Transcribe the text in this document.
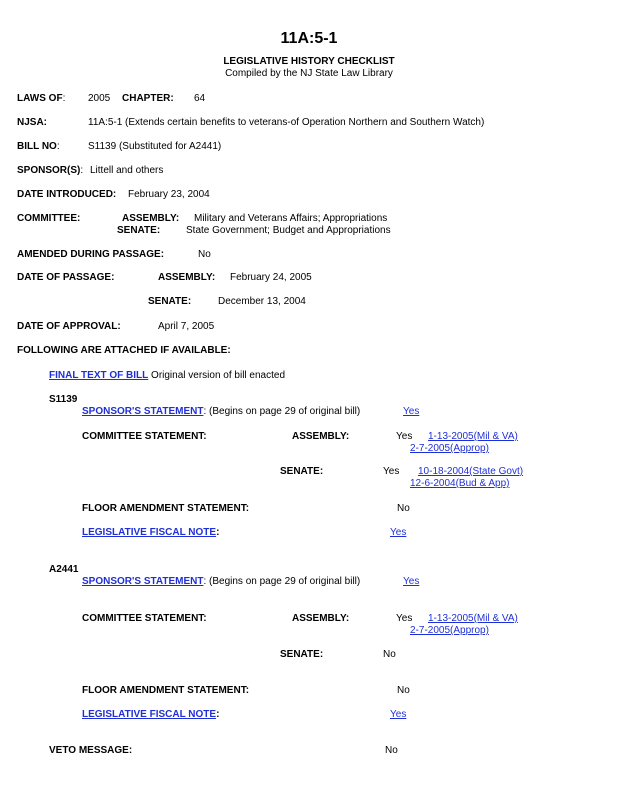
11A:5-1
LEGISLATIVE HISTORY CHECKLIST
Compiled by the NJ State Law Library
LAWS OF: 2005 CHAPTER: 64
NJSA:	11A:5-1 (Extends certain benefits to veterans-of Operation Northern and Southern Watch)
BILL NO:	S1139 (Substituted for A2441)
SPONSOR(S): Littell and others
DATE INTRODUCED: February 23, 2004
COMMITTEE:	ASSEMBLY: Military and Veterans Affairs; Appropriations
SENATE:	State Government; Budget and Appropriations
AMENDED DURING PASSAGE:	No
DATE OF PASSAGE:	ASSEMBLY: February 24, 2005
SENATE:	December 13, 2004
DATE OF APPROVAL:	April 7, 2005
FOLLOWING ARE ATTACHED IF AVAILABLE:
FINAL TEXT OF BILL Original version of bill enacted
S1139
SPONSOR'S STATEMENT: (Begins on page 29 of original bill)	Yes
COMMITTEE STATEMENT:	ASSEMBLY:	Yes 1-13-2005(Mil & VA)
2-7-2005(Approp)
SENATE:	Yes 10-18-2004(State Govt)
12-6-2004(Bud & App)
FLOOR AMENDMENT STATEMENT:	No
LEGISLATIVE FISCAL NOTE:	Yes
A2441
SPONSOR'S STATEMENT: (Begins on page 29 of original bill)	Yes
COMMITTEE STATEMENT:	ASSEMBLY:	Yes 1-13-2005(Mil & VA)
2-7-2005(Approp)
SENATE:	No
FLOOR AMENDMENT STATEMENT:	No
LEGISLATIVE FISCAL NOTE:	Yes
VETO MESSAGE:	No
